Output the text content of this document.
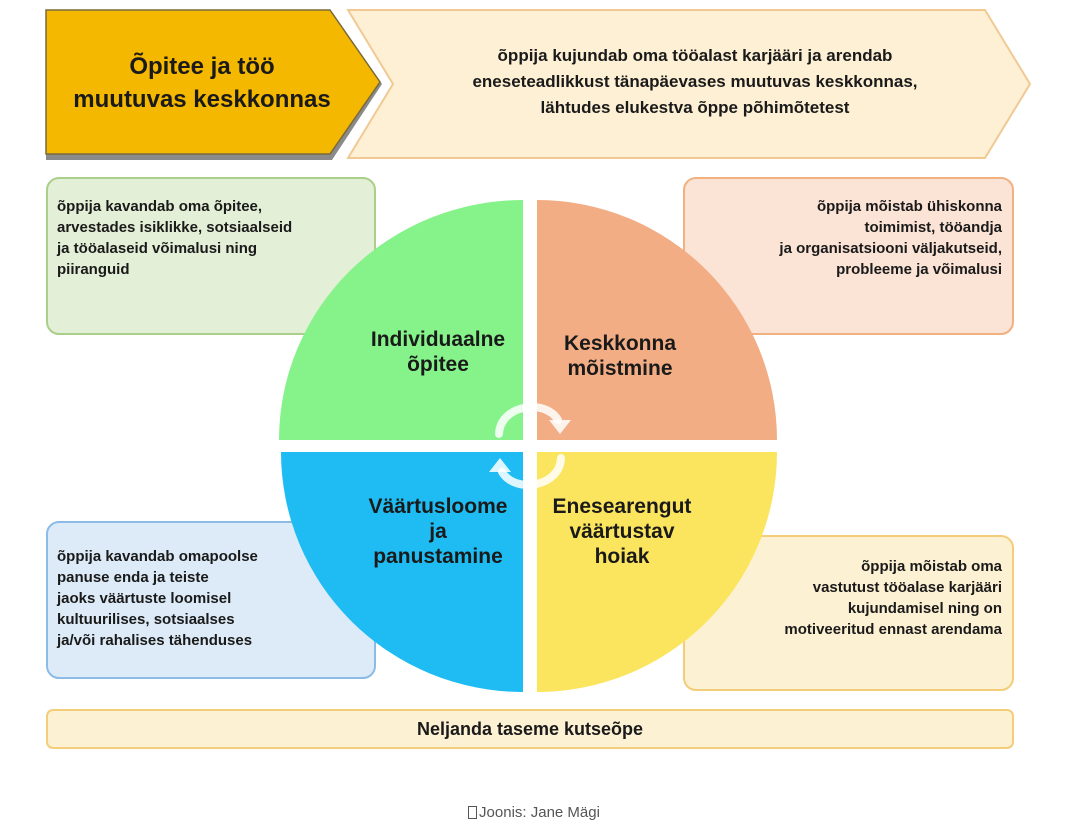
Õpitee ja töö
muutuvas keskkonnas
õppija kujundab oma tööalast karjääri ja arendab
eneseteadlikkust tänapäevases muutuvas keskkonnas,
lähtudes elukestva õppe põhimõtetest
õppija kavandab oma õpitee,
arvestades isiklikke, sotsiaalseid
ja tööalaseid võimalusi ning
piiranguid
õppija mõistab ühiskonna
toimimist, tööandja
ja organisatsiooni väljakutseid,
probleeme ja võimalusi
õppija kavandab omapoolse
panuse enda ja teiste
jaoks väärtuste loomisel
kultuurilises, sotsiaalses
ja/või rahalises tähenduses
õppija mõistab oma
vastutust tööalase karjääri
kujundamisel ning on
motiveeritud ennast arendama
Individuaalne
õpitee
Keskkonna
mõistmine
Väärtusloome
ja
panustamine
Enesearengut
väärtustav
hoiak
Neljanda taseme kutseõpe
Joonis: Jane Mägi
